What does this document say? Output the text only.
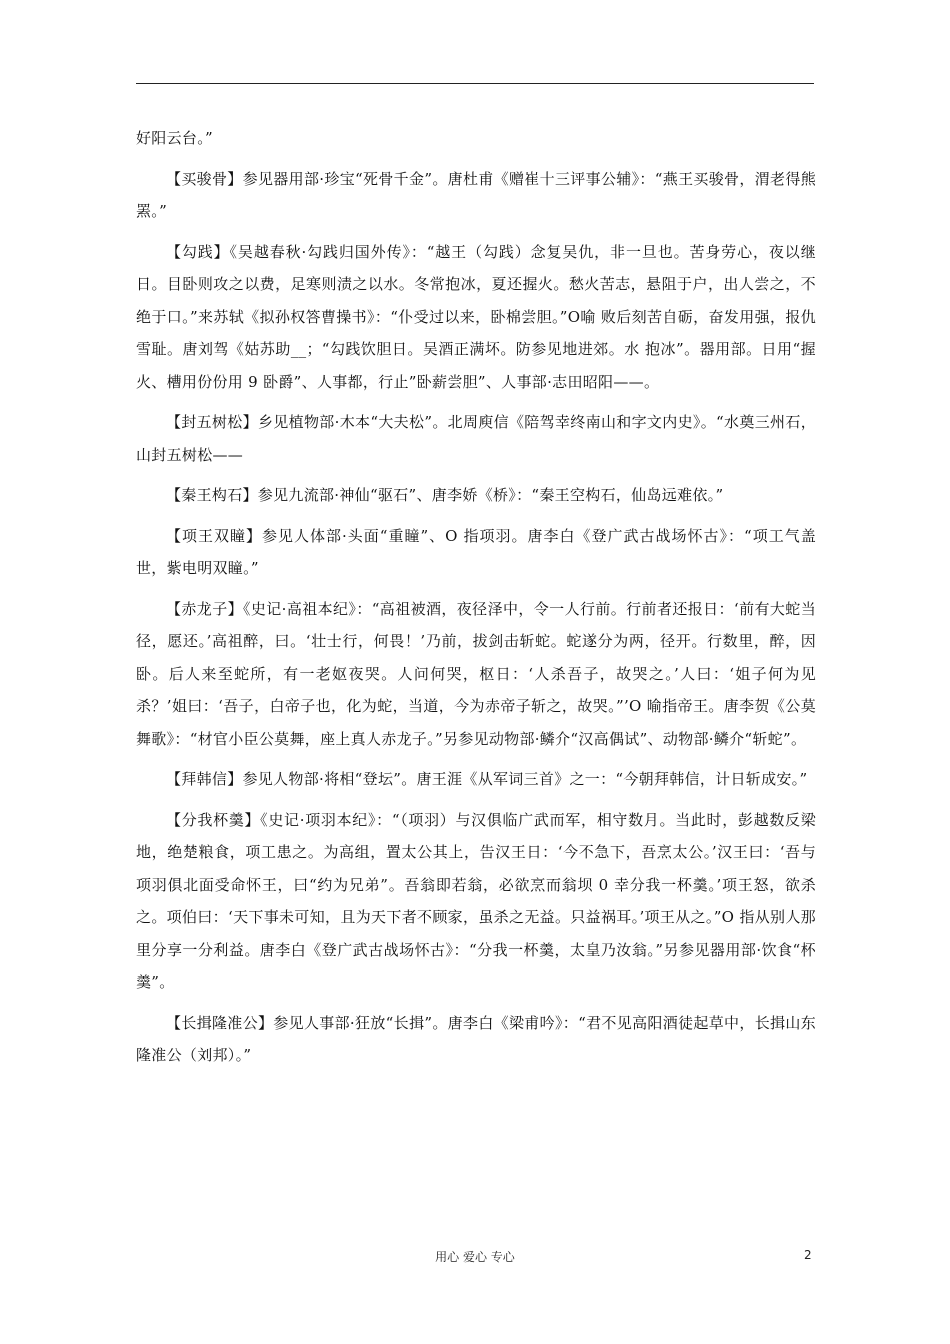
好阳云台。”

【买骏骨】参见器用部·珍宝“死骨千金”。唐杜甫《赠崔十三评事公辅》：“燕王买骏骨，渭老得熊罴。”

【勾践】《吴越春秋·勾践归国外传》：“越王（勾践）念复吴仇，非一旦也。苦身劳心，夜以继日。目卧则攻之以费，足寒则渍之以水。冬常抱冰，夏还握火。愁火苦志，悬阻于户，出人尝之，不绝于口。”来苏轼《拟孙权答曹操书》：“仆受过以来，卧棉尝胆。”O喻 败后刻苦自砺，奋发用强，报仇雪耻。唐刘驾《姑苏助__；“勾践饮胆日。吴酒正满坏。防参见地进郊。水 抱冰”。器用部。日用“握火、槽用份份用 9 卧爵”、人事都，行止”卧薪尝胆”、人事部·志田昭阳——。

【封五树松】乡见植物部·木本“大夫松”。北周庾信《陪驾幸终南山和字文内史》。“水奠三州石，山封五树松——

【秦王构石】参见九流部·神仙“驱石”、唐李娇《桥》：“秦王空构石，仙岛远难依。”

【项王双瞳】参见人体部·头面“重瞳”、O 指项羽。唐李白《登广武古战场怀古》：“项工气盖世，紫电明双瞳。”

【赤龙子】《史记·高祖本纪》：“高祖被酒，夜径泽中，令一人行前。行前者还报日：‘前有大蛇当径，愿还。’高祖醉，曰。‘壮士行，何畏！’乃前，拔剑击斩蛇。蛇遂分为两，径开。行数里，醉，因卧。后人来至蛇所，有一老妪夜哭。人问何哭，枢日：‘人杀吾子，故哭之。’人曰：‘姐子何为见杀？’姐曰：‘吾子，白帝子也，化为蛇，当道，今为赤帝子斩之，故哭。”’O 喻指帝王。唐李贺《公莫舞歌》：“材官小臣公莫舞，座上真人赤龙子。”另参见动物部·鳞介“汉高偶试”、动物部·鳞介“斩蛇”。

【拜韩信】参见人物部·将相“登坛”。唐王涯《从军词三首》之一：“今朝拜韩信，计日斩成安。”

【分我杯羹】《史记·项羽本纪》：“（项羽）与汉俱临广武而军，相守数月。当此时，彭越数反梁地，绝楚粮食，项工患之。为高组，置太公其上，告汉王日：‘今不急下，吾烹太公。’汉王曰：‘吾与项羽俱北面受命怀王，曰“约为兄弟”。吾翁即若翁，必欲烹而翁坝 0 幸分我一杯羹。’项王怒，欲杀之。项伯曰：‘天下事未可知，且为天下者不顾家，虽杀之无益。只益祸耳。’项王从之。”O 指从别人那里分享一分利益。唐李白《登广武古战场怀古》：“分我一杯羹，太皇乃汝翁。”另参见器用部·饮食“杯羹”。

【长揖隆准公】参见人事部·狂放“长揖”。唐李白《梁甫吟》：“君不见高阳酒徒起草中，长揖山东隆准公（刘邦）。”

用心 爱心 专心	2
